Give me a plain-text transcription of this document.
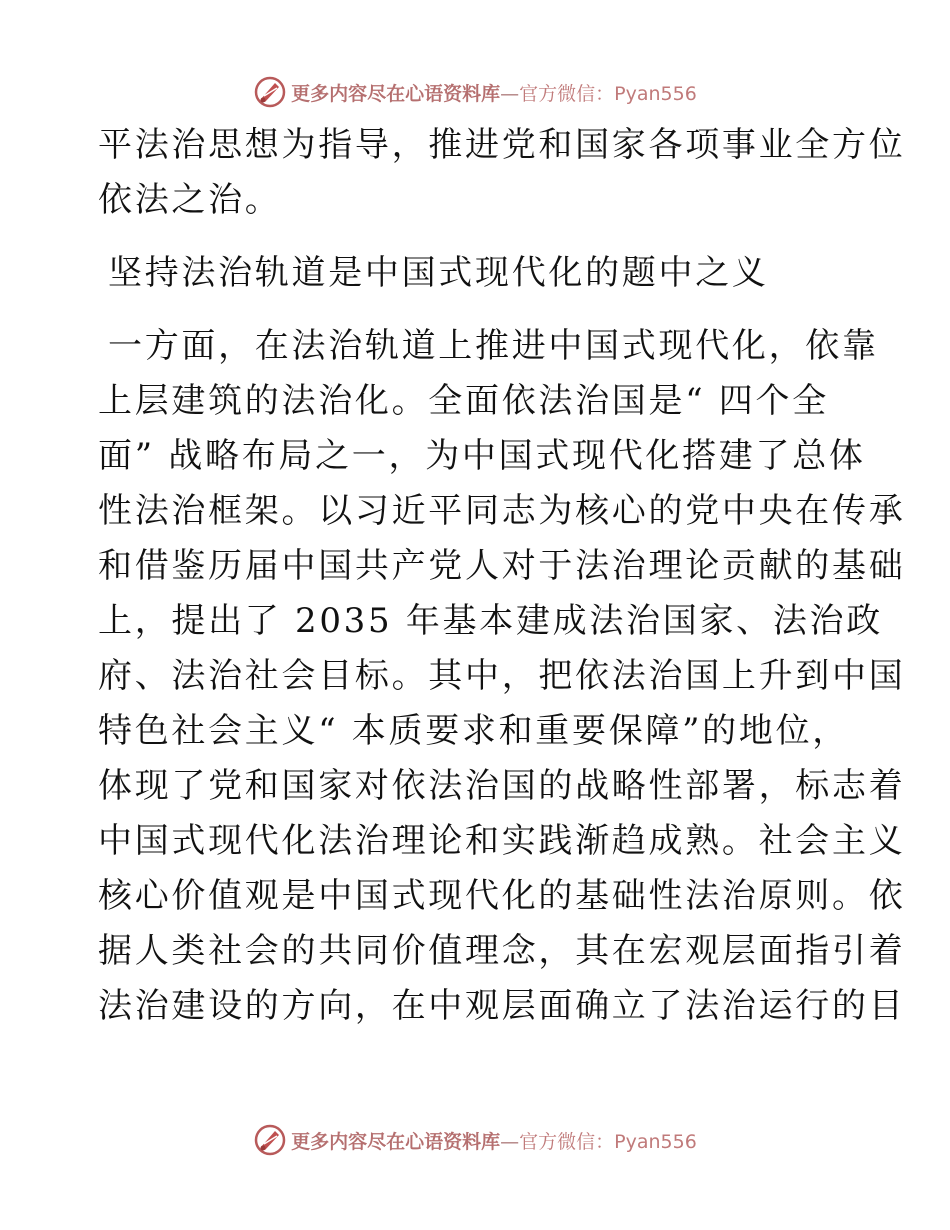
更多内容尽在心语资料库—官方微信：Pyan556
平法治思想为指导，推进党和国家各项事业全方位
依法之治。
坚持法治轨道是中国式现代化的题中之义
一方面，在法治轨道上推进中国式现代化，依靠
上层建筑的法治化。全面依法治国是“ 四个全
面” 战略布局之一，为中国式现代化搭建了总体
性法治框架。以习近平同志为核心的党中央在传承
和借鉴历届中国共产党人对于法治理论贡献的基础
上，提出了 2035 年基本建成法治国家、法治政
府、法治社会目标。其中，把依法治国上升到中国
特色社会主义“ 本质要求和重要保障”的地位，
体现了党和国家对依法治国的战略性部署，标志着
中国式现代化法治理论和实践渐趋成熟。社会主义
核心价值观是中国式现代化的基础性法治原则。依
据人类社会的共同价值理念，其在宏观层面指引着
法治建设的方向，在中观层面确立了法治运行的目
更多内容尽在心语资料库—官方微信：Pyan556
